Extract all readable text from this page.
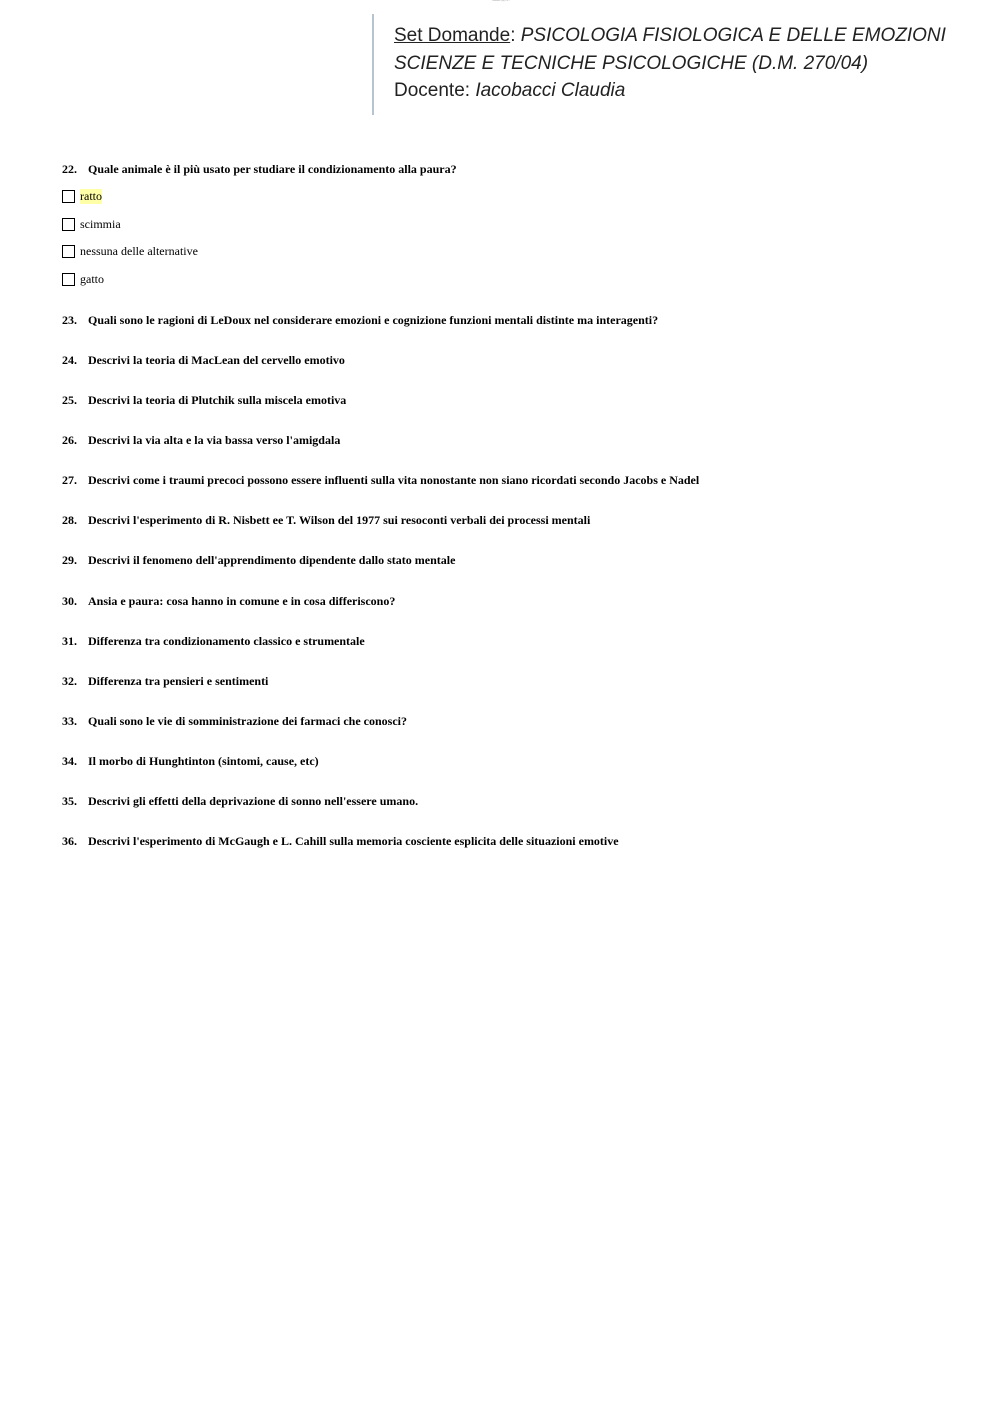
Domanda - pag.1 of 2
Set Domande: PSICOLOGIA FISIOLOGICA E DELLE EMOZIONI
SCIENZE E TECNICHE PSICOLOGICHE (D.M. 270/04)
Docente: Iacobacci Claudia
22. Quale animale è il più usato per studiare il condizionamento alla paura?
ratto
scimmia
nessuna delle alternative
gatto
23. Quali sono le ragioni di LeDoux nel considerare emozioni e cognizione funzioni mentali distinte ma interagenti?
24. Descrivi la teoria di MacLean del cervello emotivo
25. Descrivi la teoria di Plutchik sulla miscela emotiva
26. Descrivi la via alta e la via bassa verso l'amigdala
27. Descrivi come i traumi precoci possono essere influenti sulla vita nonostante non siano ricordati secondo Jacobs e Nadel
28. Descrivi l'esperimento di R. Nisbett ee T. Wilson del 1977 sui resoconti verbali dei processi mentali
29. Descrivi il fenomeno dell'apprendimento dipendente dallo stato mentale
30. Ansia e paura: cosa hanno in comune e in cosa differiscono?
31. Differenza tra condizionamento classico e strumentale
32. Differenza tra pensieri e sentimenti
33. Quali sono le vie di somministrazione dei farmaci che conosci?
34. Il morbo di Hunghtinton (sintomi, cause, etc)
35. Descrivi gli effetti della deprivazione di sonno nell'essere umano.
36. Descrivi l'esperimento di McGaugh e L. Cahill sulla memoria cosciente esplicita delle situazioni emotive
